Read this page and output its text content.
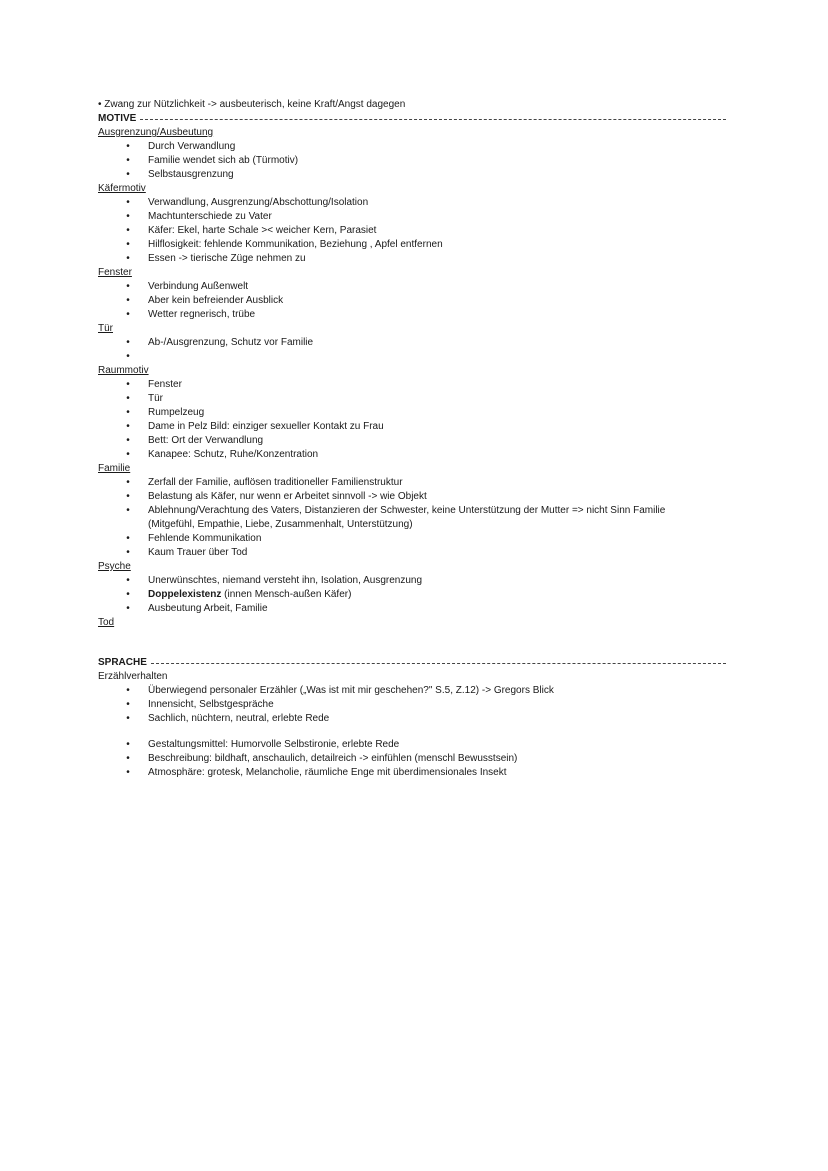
• Zwang zur Nützlichkeit -> ausbeuterisch, keine Kraft/Angst dagegen
MOTIVE
Ausgrenzung/Ausbeutung
•	Durch Verwandlung
•	Familie wendet sich ab (Türmotiv)
•	Selbstausgrenzung
Käfermotiv
•	Verwandlung, Ausgrenzung/Abschottung/Isolation
•	Machtunterschiede zu Vater
•	Käfer: Ekel, harte Schale >< weicher Kern, Parasiet
•	Hilflosigkeit: fehlende Kommunikation, Beziehung , Apfel entfernen
•	Essen -> tierische Züge nehmen zu
Fenster
•	Verbindung Außenwelt
•	Aber kein befreiender Ausblick
•	Wetter regnerisch, trübe
Tür
•	Ab-/Ausgrenzung, Schutz vor Familie
•
Raummotiv
•	Fenster
•	Tür
•	Rumpelzeug
•	Dame in Pelz Bild: einziger sexueller Kontakt zu Frau
•	Bett: Ort der Verwandlung
•	Kanapee: Schutz, Ruhe/Konzentration
Familie
•	Zerfall der Familie, auflösen traditioneller Familienstruktur
•	Belastung als Käfer, nur wenn er Arbeitet sinnvoll -> wie Objekt
•	Ablehnung/Verachtung des Vaters, Distanzieren der Schwester, keine Unterstützung der Mutter => nicht Sinn Familie
(Mitgefühl, Empathie, Liebe, Zusammenhalt, Unterstützung)
•	Fehlende Kommunikation
•	Kaum Trauer über Tod
Psyche
•	Unerwünschtes, niemand versteht ihn, Isolation, Ausgrenzung
•	Doppelexistenz (innen Mensch-außen Käfer)
•	Ausbeutung Arbeit, Familie
Tod
SPRACHE
Erzählverhalten
•	Überwiegend personaler Erzähler („Was ist mit mir geschehen?" S.5, Z.12) -> Gregors Blick
•	Innensicht, Selbstgespräche
•	Sachlich, nüchtern, neutral, erlebte Rede
•	Gestaltungsmittel: Humorvolle Selbstironie, erlebte Rede
•	Beschreibung: bildhaft, anschaulich, detailreich -> einfühlen (menschl Bewusstsein)
•	Atmosphäre: grotesk, Melancholie, räumliche Enge mit überdimensionales Insekt
